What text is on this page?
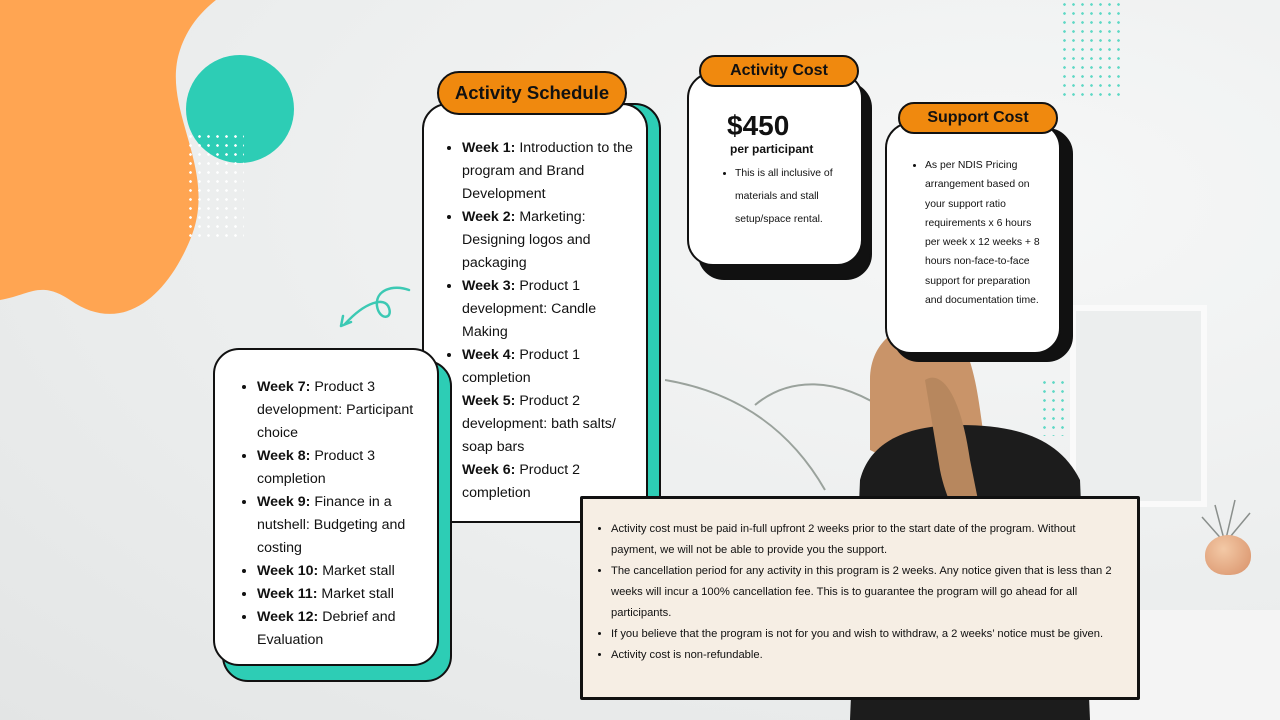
• Week 1: Introduction to the program and Brand Development
• Week 2: Marketing: Designing logos and packaging
• Week 3: Product 1 development: Candle Making
• Week 4: Product 1 completion
• Week 5: Product 2 development: bath salts/ soap bars
• Week 6: Product 2 completion
Activity Schedule
• Week 7: Product 3 development: Participant choice
• Week 8: Product 3 completion
• Week 9: Finance in a nutshell: Budgeting and costing
• Week 10: Market stall
• Week 11: Market stall
• Week 12: Debrief and Evaluation
$450
per participant
• This is all inclusive of materials and stall setup/space rental.
Activity Cost
• As per NDIS Pricing arrangement based on your support ratio requirements x 6 hours per week x 12 weeks + 8 hours non-face-to-face support for preparation and documentation time.
Support Cost
• Activity cost must be paid in-full upfront 2 weeks prior to the start date of the program. Without payment, we will not be able to provide you the support.
• The cancellation period for any activity in this program is 2 weeks. Any notice given that is less than 2 weeks will incur a 100% cancellation fee. This is to guarantee the program will go ahead for all participants.
• If you believe that the program is not for you and wish to withdraw, a 2 weeks’ notice must be given.
• Activity cost is non-refundable.
